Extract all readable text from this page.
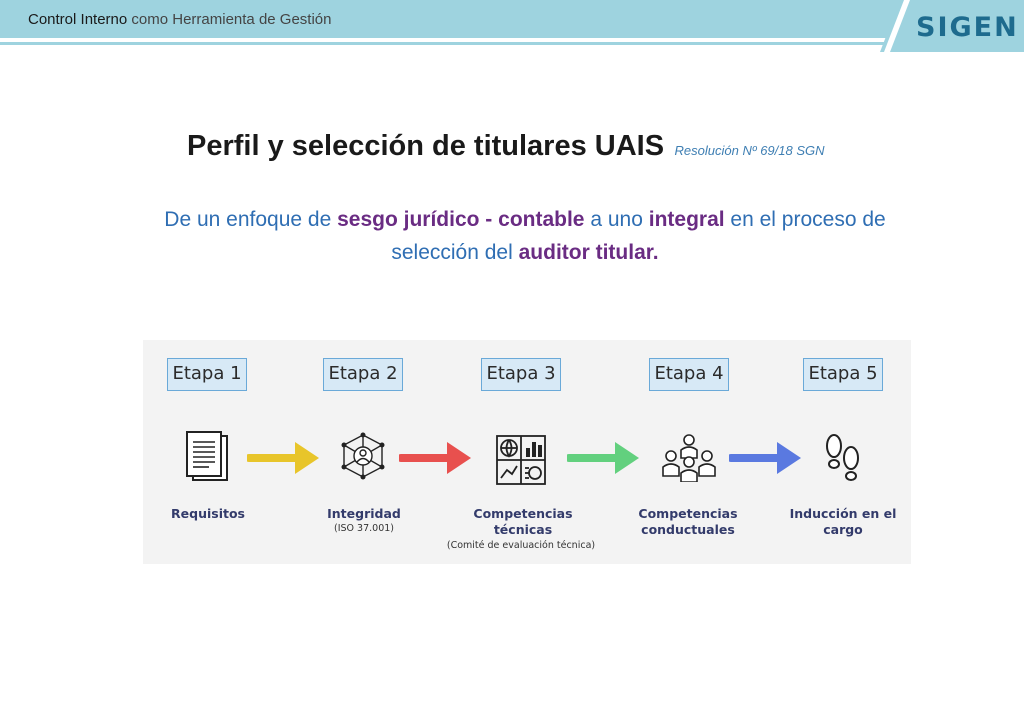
Control Interno como Herramienta de Gestión	SIGEN
Perfil y selección de titulares UAIS Resolución Nº 69/18 SGN
De un enfoque de sesgo jurídico - contable a uno integral en el proceso de selección del auditor titular.
Etapa 1	Etapa 2	Etapa 3	Etapa 4	Etapa 5
Requisitos	Integridad
(ISO 37.001)
Competencias técnicas
(Comité de evaluación técnica)
Competencias conductuales
Inducción en el cargo
